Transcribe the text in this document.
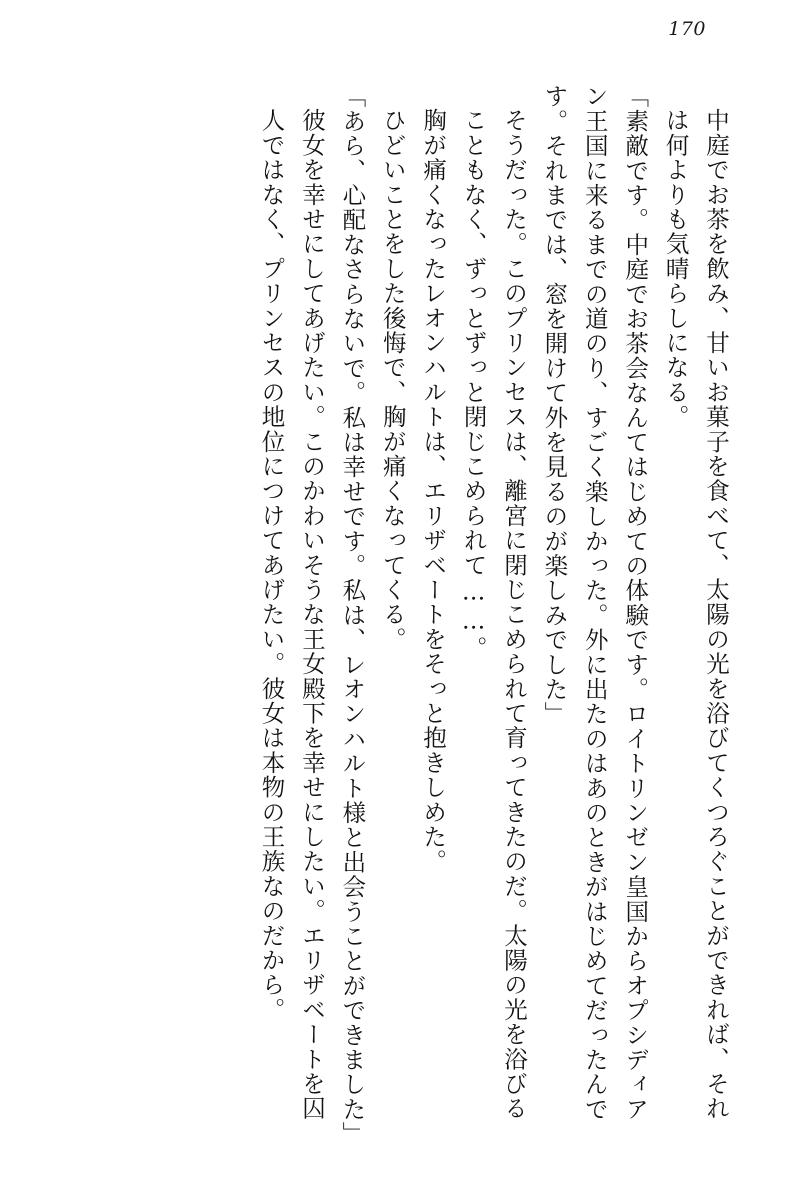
170

中庭でお茶を飲み、甘いお菓子を食べて、太陽の光を浴びてくつろぐことができれば、それは何よりも気晴らしになる。

「素敵です。中庭でお茶会なんてはじめての体験です。ロイトリンゼン皇国からオプシディアン王国に来るまでの道のり、すごく楽しかった。外に出たのはあのときがはじめてだったんです。それまでは、窓を開けて外を見るのが楽しみでした」

そうだった。このプリンセスは、離宮に閉じこめられて育ってきたのだ。太陽の光を浴びることもなく、ずっとずっと閉じこめられて……。

胸が痛くなったレオンハルトは、エリザベートをそっと抱きしめた。

ひどいことをした後悔で、胸が痛くなってくる。

「あら、心配なさらないで。私は幸せです。私は、レオンハルト様と出会うことができました」

彼女を幸せにしてあげたい。このかわいそうな王女殿下を幸せにしたい。エリザベートを囚人ではなく、プリンセスの地位につけてあげたい。彼女は本物の王族なのだから。
